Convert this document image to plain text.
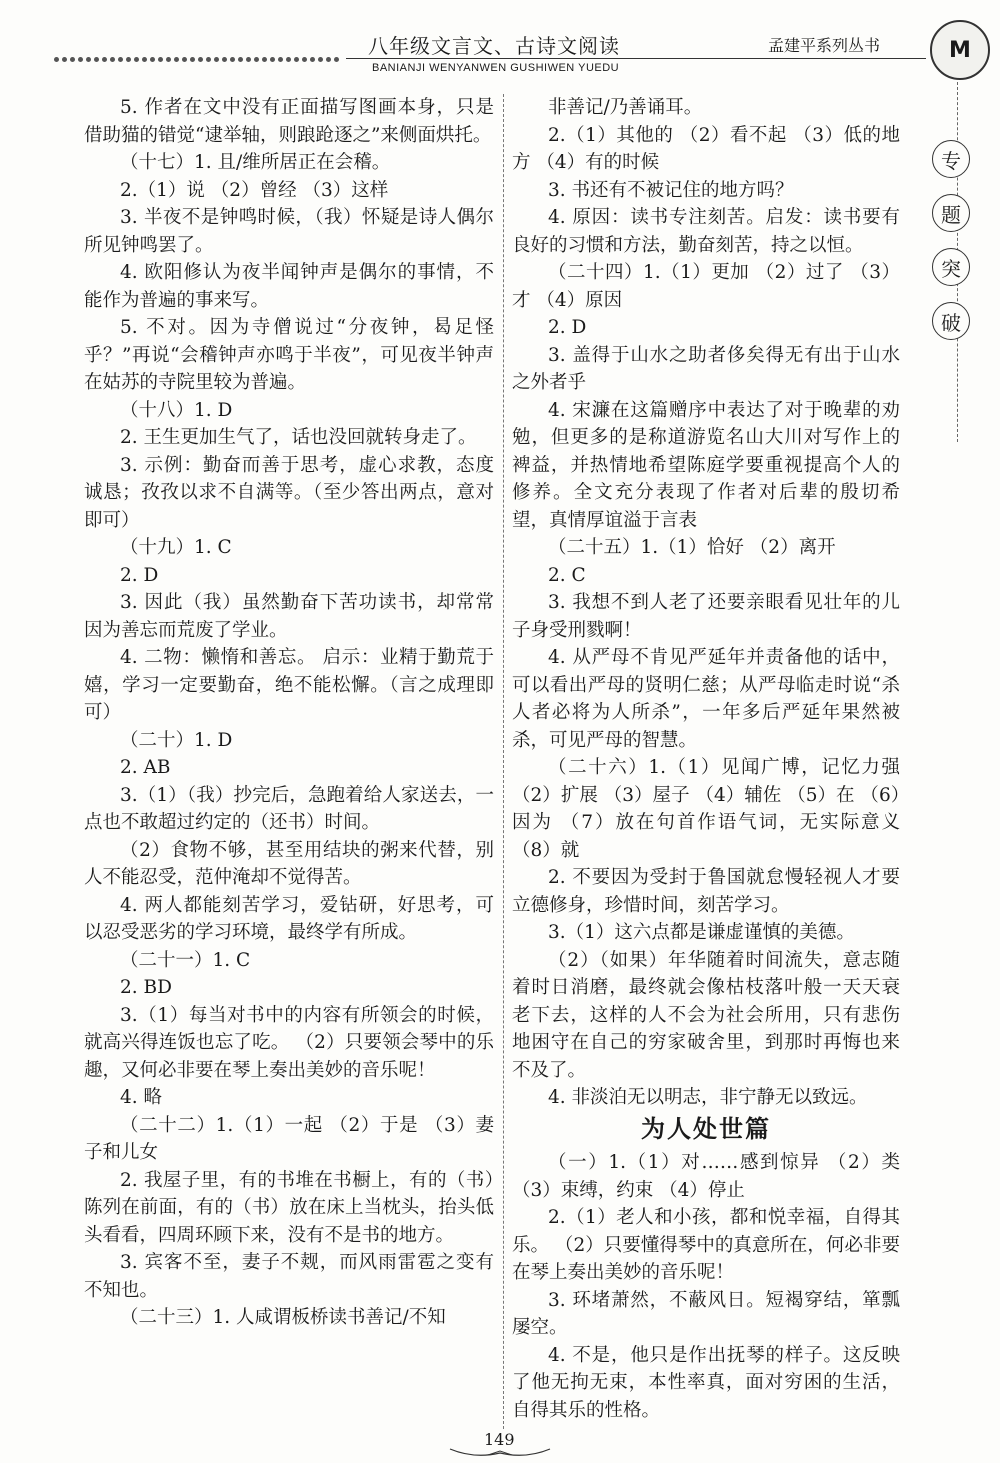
八年级文言文、古诗文阅读
BANIANJI WENYANWEN GUSHIWEN YUEDU
孟建平系列丛书	M
专
题
突
破

5. 作者在文中没有正面描写图画本身，只是借助猫的错觉“逮举轴，则踉跄逐之”来侧面烘托。

（十七）1. 且/维所居正在会稽。

2.（1）说 （2）曾经 （3）这样

3. 半夜不是钟鸣时候，（我）怀疑是诗人偶尔所见钟鸣罢了。

4. 欧阳修认为夜半闻钟声是偶尔的事情，不能作为普遍的事来写。

5. 不对。因为寺僧说过“分夜钟，曷足怪乎？”再说“会稽钟声亦鸣于半夜”，可见夜半钟声在姑苏的寺院里较为普遍。

（十八）1. D

2. 王生更加生气了，话也没回就转身走了。

3. 示例：勤奋而善于思考，虚心求教，态度诚恳；孜孜以求不自满等。（至少答出两点，意对即可）

（十九）1. C

2. D

3. 因此（我）虽然勤奋下苦功读书，却常常因为善忘而荒废了学业。

4. 二物：懒惰和善忘。 启示：业精于勤荒于嬉，学习一定要勤奋，绝不能松懈。（言之成理即可）

（二十）1. D

2. AB

3.（1）（我）抄完后，急跑着给人家送去，一点也不敢超过约定的（还书）时间。

（2）食物不够，甚至用结块的粥来代替，别人不能忍受，范仲淹却不觉得苦。

4. 两人都能刻苦学习，爱钻研，好思考，可以忍受恶劣的学习环境，最终学有所成。

（二十一）1. C

2. BD

3.（1）每当对书中的内容有所领会的时候，就高兴得连饭也忘了吃。 （2）只要领会琴中的乐趣，又何必非要在琴上奏出美妙的音乐呢！

4. 略

（二十二）1.（1）一起 （2）于是 （3）妻子和儿女

2. 我屋子里，有的书堆在书橱上，有的（书）陈列在前面，有的（书）放在床上当枕头，抬头低头看看，四周环顾下来，没有不是书的地方。

3. 宾客不至，妻子不觌，而风雨雷雹之变有不知也。

（二十三）1. 人咸谓板桥读书善记/不知

非善记/乃善诵耳。

2.（1）其他的 （2）看不起 （3）低的地方 （4）有的时候

3. 书还有不被记住的地方吗？

4. 原因：读书专注刻苦。启发：读书要有良好的习惯和方法，勤奋刻苦，持之以恒。

（二十四）1.（1）更加 （2）过了 （3）才 （4）原因

2. D

3. 盖得于山水之助者侈矣得无有出于山水之外者乎

4. 宋濂在这篇赠序中表达了对于晚辈的劝勉，但更多的是称道游览名山大川对写作上的裨益，并热情地希望陈庭学要重视提高个人的修养。全文充分表现了作者对后辈的殷切希望，真情厚谊溢于言表

（二十五）1.（1）恰好 （2）离开

2. C

3. 我想不到人老了还要亲眼看见壮年的儿子身受刑戮啊！

4. 从严母不肯见严延年并责备他的话中，可以看出严母的贤明仁慈；从严母临走时说“杀人者必将为人所杀”，一年多后严延年果然被杀，可见严母的智慧。

（二十六）1.（1）见闻广博，记忆力强 （2）扩展 （3）屋子 （4）辅佐 （5）在 （6）因为 （7）放在句首作语气词，无实际意义 （8）就

2. 不要因为受封于鲁国就怠慢轻视人才要立德修身，珍惜时间，刻苦学习。

3.（1）这六点都是谦虚谨慎的美德。

（2）（如果）年华随着时间流失，意志随着时日消磨，最终就会像枯枝落叶般一天天衰老下去，这样的人不会为社会所用，只有悲伤地困守在自己的穷家破舍里，到那时再悔也来不及了。

4. 非淡泊无以明志，非宁静无以致远。

为人处世篇

（一）1.（1）对……感到惊异 （2）类 （3）束缚，约束 （4）停止

2.（1）老人和小孩，都和悦幸福，自得其乐。 （2）只要懂得琴中的真意所在，何必非要在琴上奏出美妙的音乐呢！

3. 环堵萧然，不蔽风日。短褐穿结，箪瓢屡空。

4. 不是，他只是作出抚琴的样子。这反映了他无拘无束，本性率真，面对穷困的生活，自得其乐的性格。

149
